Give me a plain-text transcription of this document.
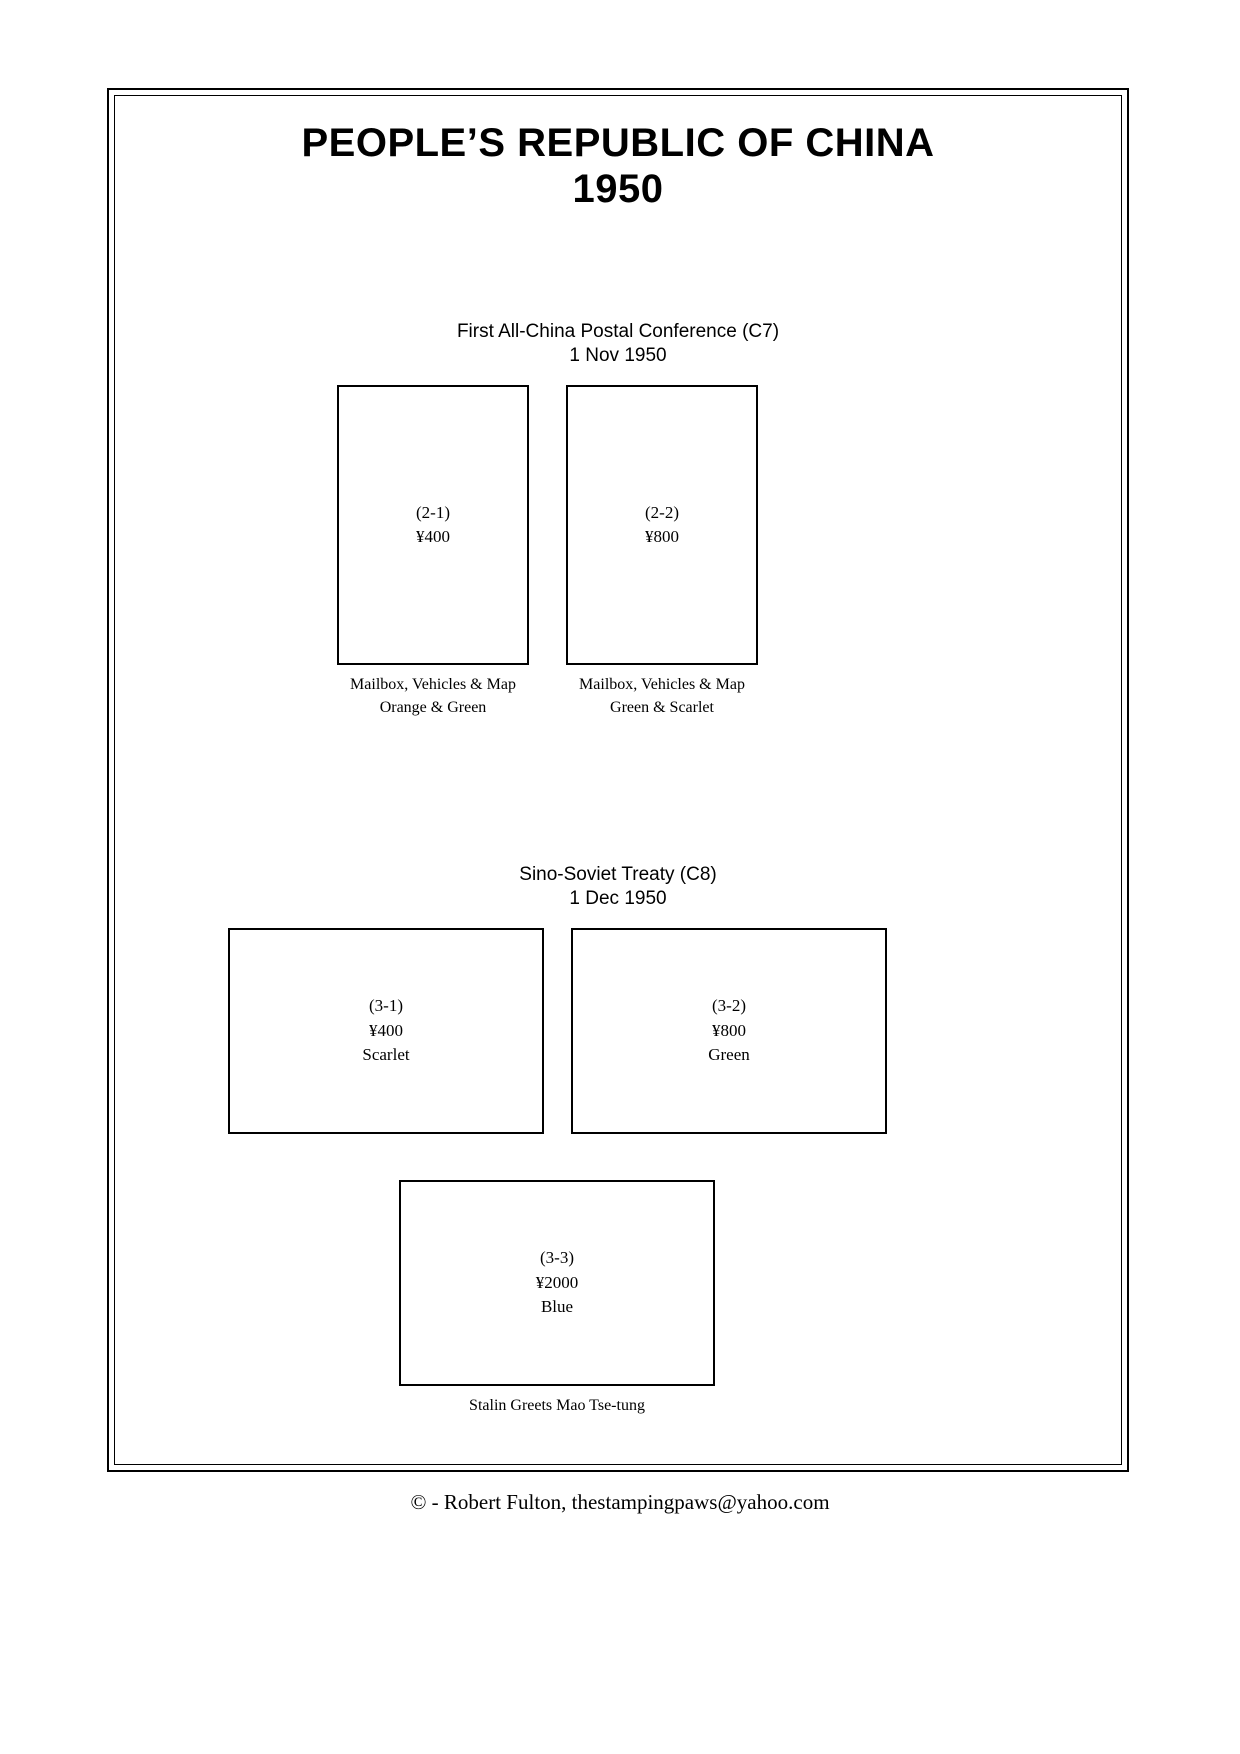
PEOPLE’S REPUBLIC OF CHINA
1950
First All-China Postal Conference (C7)
1 Nov 1950
(2-1)
¥400
Mailbox, Vehicles & Map
Orange & Green
(2-2)
¥800
Mailbox, Vehicles & Map
Green & Scarlet
Sino-Soviet Treaty (C8)
1 Dec 1950
(3-1)
¥400
Scarlet
(3-2)
¥800
Green
(3-3)
¥2000
Blue
Stalin Greets Mao Tse-tung
© - Robert Fulton, thestampingpaws@yahoo.com
